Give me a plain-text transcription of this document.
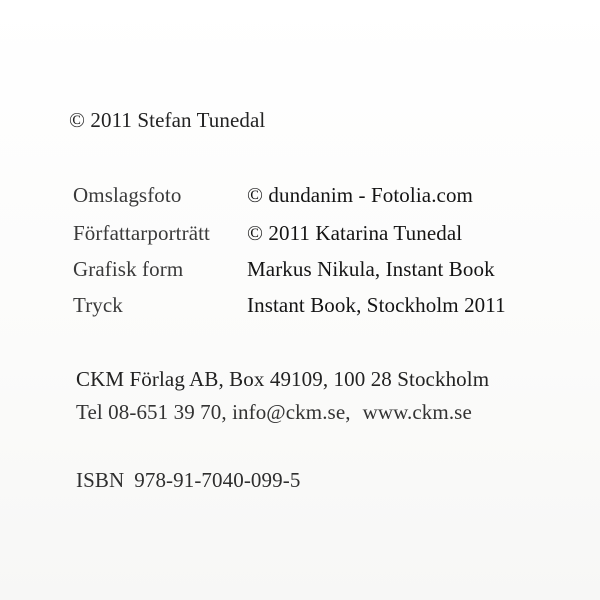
© 2011 Stefan Tunedal
Omslagsfoto	© dundanim - Fotolia.com
Författarporträtt © 2011 Katarina Tunedal
Grafisk form	Markus Nikula, Instant Book
Tryck	Instant Book, Stockholm 2011
CKM Förlag AB, Box 49109, 100 28 Stockholm
Tel 08-651 39 70, info@ckm.se, www.ckm.se
ISBN 978-91-7040-099-5
